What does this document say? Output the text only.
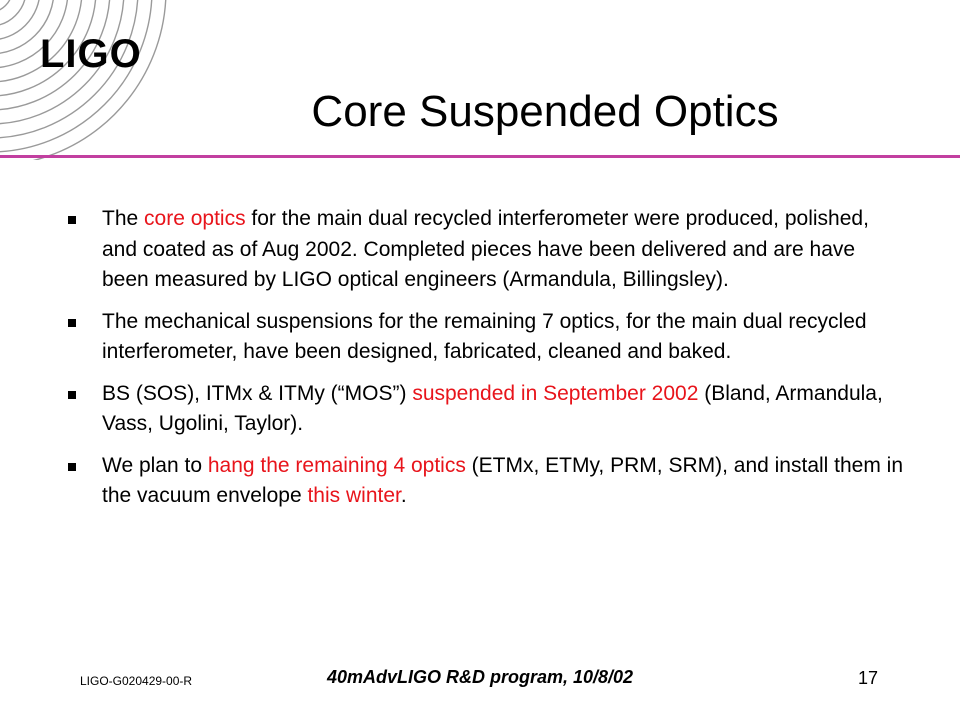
LIGO
Core Suspended Optics
The core optics for the main dual recycled interferometer were produced, polished, and coated as of Aug 2002. Completed pieces have been delivered and are have been measured by LIGO optical engineers (Armandula, Billingsley).
The mechanical suspensions for the remaining 7 optics, for the main dual recycled interferometer, have been designed, fabricated, cleaned and baked.
BS (SOS), ITMx & ITMy (“MOS”) suspended in September 2002 (Bland, Armandula, Vass, Ugolini, Taylor).
We plan to hang the remaining 4 optics (ETMx, ETMy, PRM, SRM), and install them in the vacuum envelope this winter.
LIGO-G020429-00-R	40mAdvLIGO R&D program, 10/8/02	17
